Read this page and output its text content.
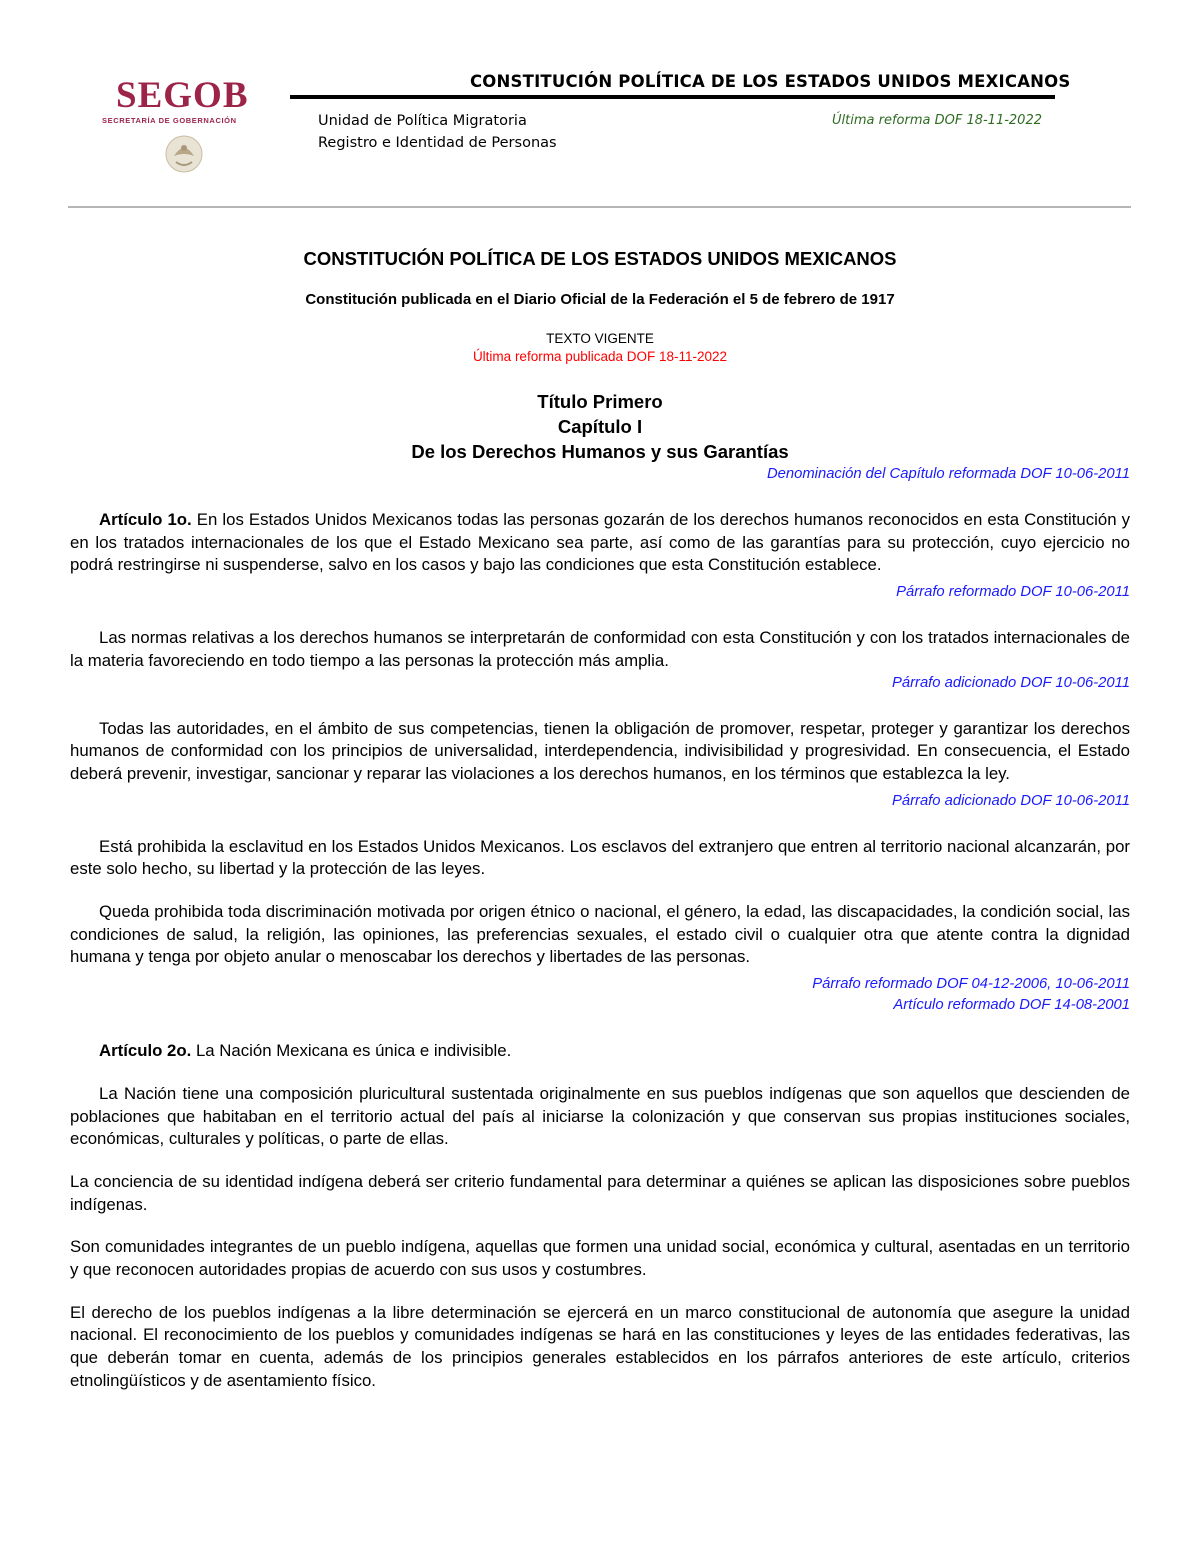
SEGOB
SECRETARÍA DE GOBERNACIÓN
CONSTITUCIÓN POLÍTICA DE LOS ESTADOS UNIDOS MEXICANOS
Unidad de Política Migratoria
Registro e Identidad de Personas
Última reforma DOF 18-11-2022
CONSTITUCIÓN POLÍTICA DE LOS ESTADOS UNIDOS MEXICANOS
Constitución publicada en el Diario Oficial de la Federación el 5 de febrero de 1917
TEXTO VIGENTE
Última reforma publicada DOF 18-11-2022
Título Primero
Capítulo I
De los Derechos Humanos y sus Garantías
Denominación del Capítulo reformada DOF 10-06-2011

Artículo 1o. En los Estados Unidos Mexicanos todas las personas gozarán de los derechos humanos reconocidos en esta Constitución y en los tratados internacionales de los que el Estado Mexicano sea parte, así como de las garantías para su protección, cuyo ejercicio no podrá restringirse ni suspenderse, salvo en los casos y bajo las condiciones que esta Constitución establece.

Párrafo reformado DOF 10-06-2011

Las normas relativas a los derechos humanos se interpretarán de conformidad con esta Constitución y con los tratados internacionales de la materia favoreciendo en todo tiempo a las personas la protección más amplia.

Párrafo adicionado DOF 10-06-2011

Todas las autoridades, en el ámbito de sus competencias, tienen la obligación de promover, respetar, proteger y garantizar los derechos humanos de conformidad con los principios de universalidad, interdependencia, indivisibilidad y progresividad. En consecuencia, el Estado deberá prevenir, investigar, sancionar y reparar las violaciones a los derechos humanos, en los términos que establezca la ley.

Párrafo adicionado DOF 10-06-2011

Está prohibida la esclavitud en los Estados Unidos Mexicanos. Los esclavos del extranjero que entren al territorio nacional alcanzarán, por este solo hecho, su libertad y la protección de las leyes.

Queda prohibida toda discriminación motivada por origen étnico o nacional, el género, la edad, las discapacidades, la condición social, las condiciones de salud, la religión, las opiniones, las preferencias sexuales, el estado civil o cualquier otra que atente contra la dignidad humana y tenga por objeto anular o menoscabar los derechos y libertades de las personas.

Párrafo reformado DOF 04-12-2006, 10-06-2011
Artículo reformado DOF 14-08-2001

Artículo 2o. La Nación Mexicana es única e indivisible.

La Nación tiene una composición pluricultural sustentada originalmente en sus pueblos indígenas que son aquellos que descienden de poblaciones que habitaban en el territorio actual del país al iniciarse la colonización y que conservan sus propias instituciones sociales, económicas, culturales y políticas, o parte de ellas.

La conciencia de su identidad indígena deberá ser criterio fundamental para determinar a quiénes se aplican las disposiciones sobre pueblos indígenas.

Son comunidades integrantes de un pueblo indígena, aquellas que formen una unidad social, económica y cultural, asentadas en un territorio y que reconocen autoridades propias de acuerdo con sus usos y costumbres.

El derecho de los pueblos indígenas a la libre determinación se ejercerá en un marco constitucional de autonomía que asegure la unidad nacional. El reconocimiento de los pueblos y comunidades indígenas se hará en las constituciones y leyes de las entidades federativas, las que deberán tomar en cuenta, además de los principios generales establecidos en los párrafos anteriores de este artículo, criterios etnolingüísticos y de asentamiento físico.
